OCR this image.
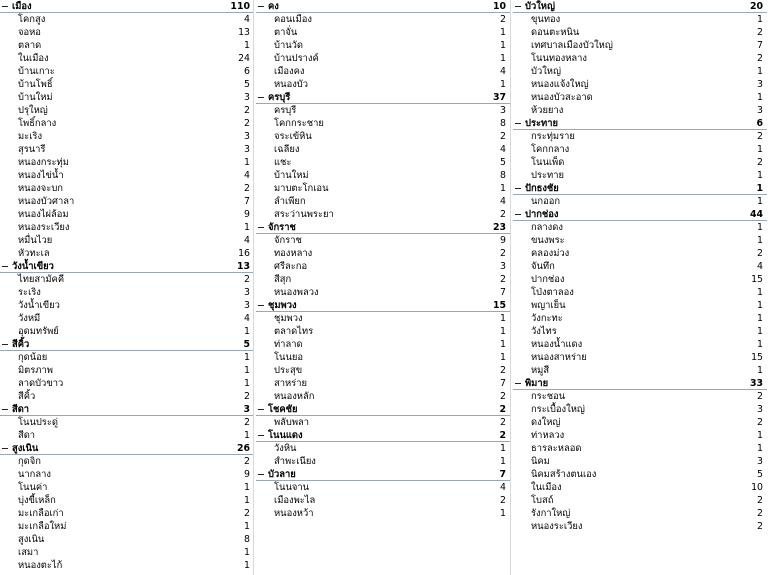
เมือง	110
โคกสูง	4
จอหอ	13
ตลาด	1
ในเมือง	24
บ้านเกาะ	6
บ้านโพธิ์	5
บ้านใหม่	3
ปรุใหญ่	2
โพธิ์กลาง	2
มะเริง	3
สุรนารี	3
หนองกระทุ่ม	1
หนองไข่น้ำ	4
หนองจะบก	2
หนองบัวศาลา	7
หนองไผ่ล้อม	9
หนองระเวียง	1
หมื่นไวย	4
หัวทะเล	16
วังน้ำเขียว	13
ไทยสามัคคี	2
ระเริง	3
วังน้ำเขียว	3
วังหมี	4
อุดมทรัพย์	1
สีคิ้ว	5
กุดน้อย	1
มิตรภาพ	1
ลาดบัวขาว	1
สีคิ้ว	2
สีดา	3
โนนประดู่	2
สีดา	1
สูงเนิน	26
กุดจิก	2
นากลาง	9
โนนค่า	1
บุ่งขี้เหล็ก	1
มะเกลือเก่า	2
มะเกลือใหม่	1
สูงเนิน	8
เสมา	1
หนองตะไก้	1
คง	10
คอนเมือง	2
ตาจั่น	1
บ้านวัด	1
บ้านปรางค์	1
เมืองคง	4
หนองบัว	1
ครบุรี	37
ครบุรี	3
โคกกระชาย	8
จระเข้หิน	2
เฉลียง	4
แชะ	5
บ้านใหม่	8
มาบตะโกเอน	1
ลำเพียก	4
สระว่านพระยา	2
จักราช	23
จักราช	9
ทองหลาง	2
ศรีละกอ	3
สีสุก	2
หนองพลวง	7
ชุมพวง	15
ชุมพวง	1
ตลาดไทร	1
ท่าลาด	1
โนนยอ	1
ประสุข	2
สาหร่าย	7
หนองหลัก	2
โชคชัย	2
พลับพลา	2
โนนแดง	2
วังหิน	1
สำพะเนียง	1
บัวลาย	7
โนนจาน	4
เมืองพะไล	2
หนองหว้า	1
บัวใหญ่	20
ขุนทอง	1
ดอนตะหนิน	2
เทศบาลเมืองบัวใหญ่	7
โนนทองหลาง	2
บัวใหญ่	1
หนองแจ้งใหญ่	3
หนองบัวสะอาด	1
ห้วยยาง	3
ประทาย	6
กระทุ่มราย	2
โคกกลาง	1
โนนเพ็ด	2
ประทาย	1
ปักธงชัย	1
นกออก	1
ปากช่อง	44
กลางดง	1
ขนงพระ	1
คลองม่วง	2
จันทึก	4
ปากช่อง	15
โป่งตาลอง	1
พญาเย็น	1
วังกะทะ	1
วังไทร	1
หนองน้ำแดง	1
หนองสาหร่าย	15
หมูสี	1
พิมาย	33
กระชอน	2
กระเบื้องใหญ่	3
ดงใหญ่	2
ท่าหลวง	1
ธารละหลอด	1
นิคม	3
นิคมสร้างตนเอง	5
ในเมือง	10
โบสถ์	2
รังกาใหญ่	2
หนองระเวียง	2
